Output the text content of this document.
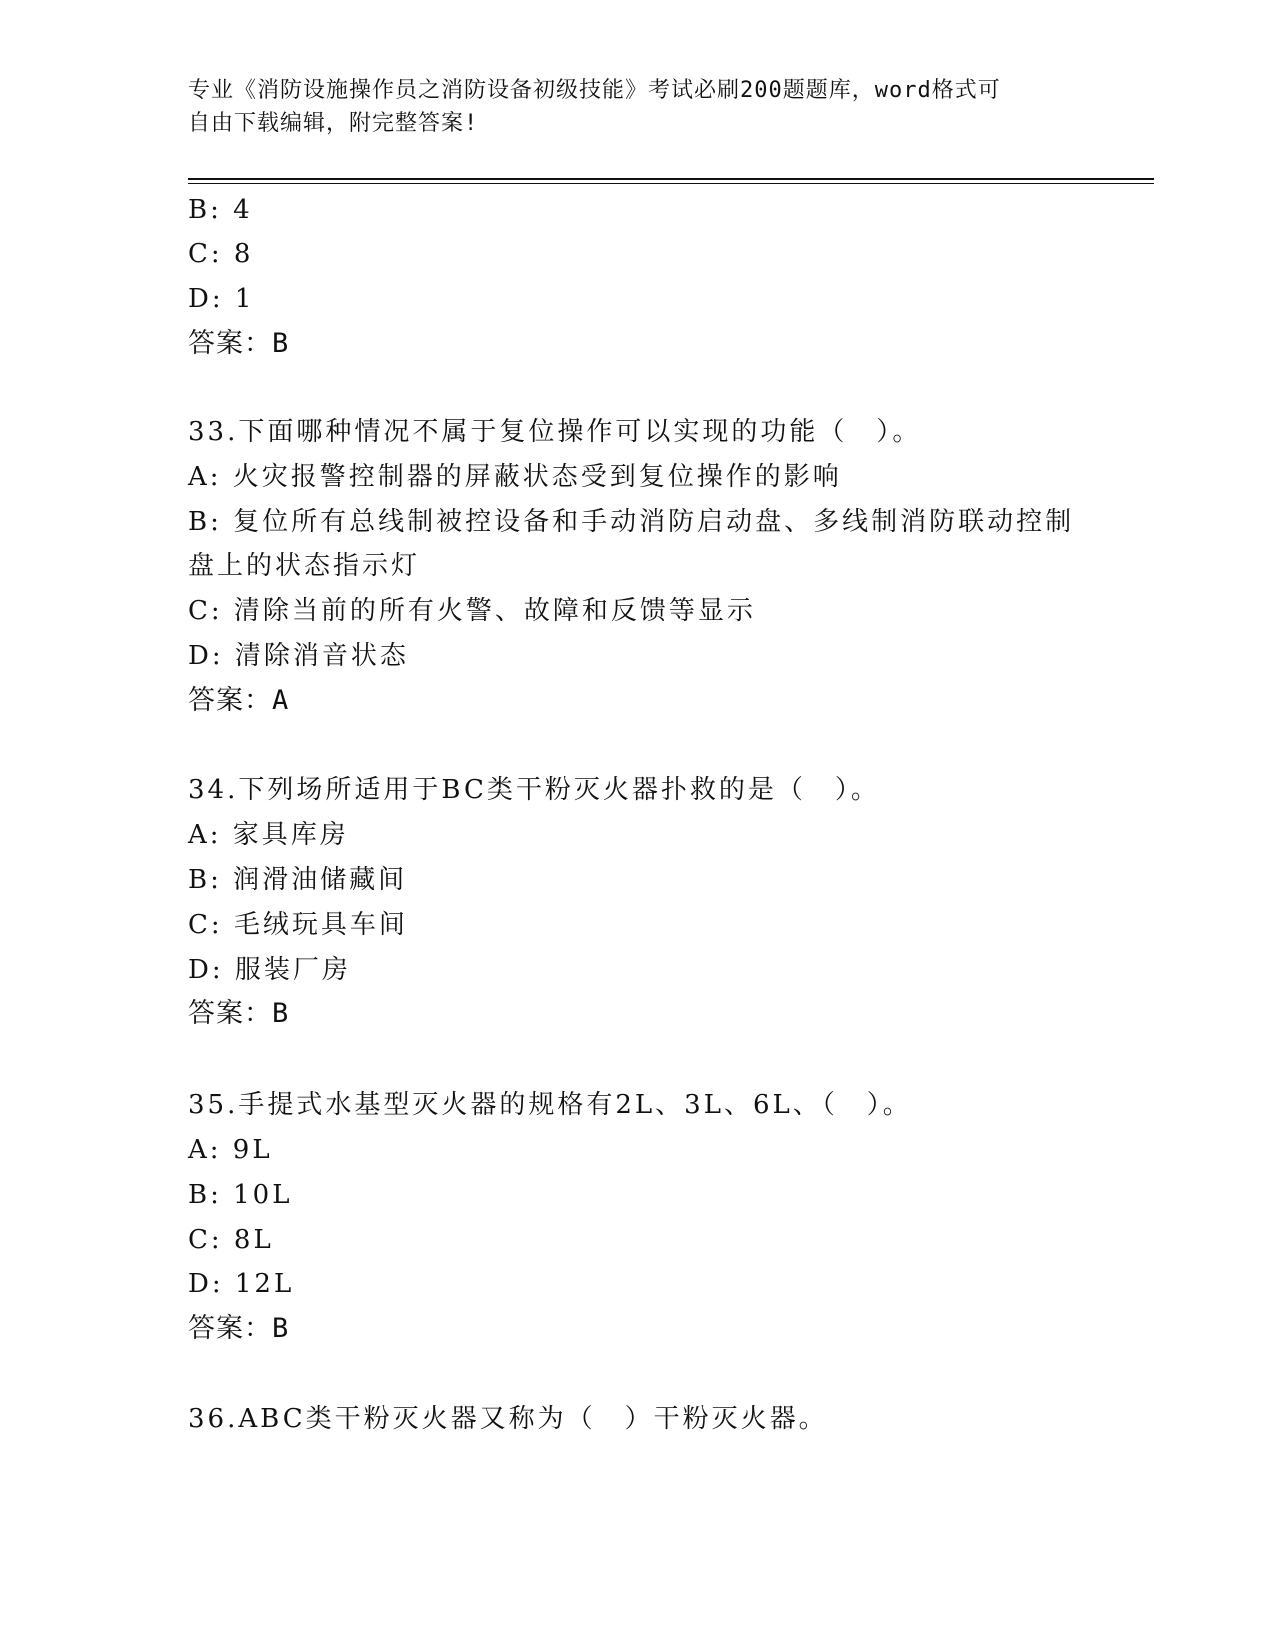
专业《消防设施操作员之消防设备初级技能》考试必刷200题题库，word格式可
自由下载编辑，附完整答案!
B: 4
C: 8
D: 1
答案：B
33.下面哪种情况不属于复位操作可以实现的功能（　）。
A: 火灾报警控制器的屏蔽状态受到复位操作的影响
B: 复位所有总线制被控设备和手动消防启动盘、多线制消防联动控制
盘上的状态指示灯
C: 清除当前的所有火警、故障和反馈等显示
D: 清除消音状态
答案：A
34.下列场所适用于BC类干粉灭火器扑救的是（　）。
A: 家具库房
B: 润滑油储藏间
C: 毛绒玩具车间
D: 服装厂房
答案：B
35.手提式水基型灭火器的规格有2L、3L、6L、（　）。
A: 9L
B: 10L
C: 8L
D: 12L
答案：B
36.ABC类干粉灭火器又称为（　）干粉灭火器。
